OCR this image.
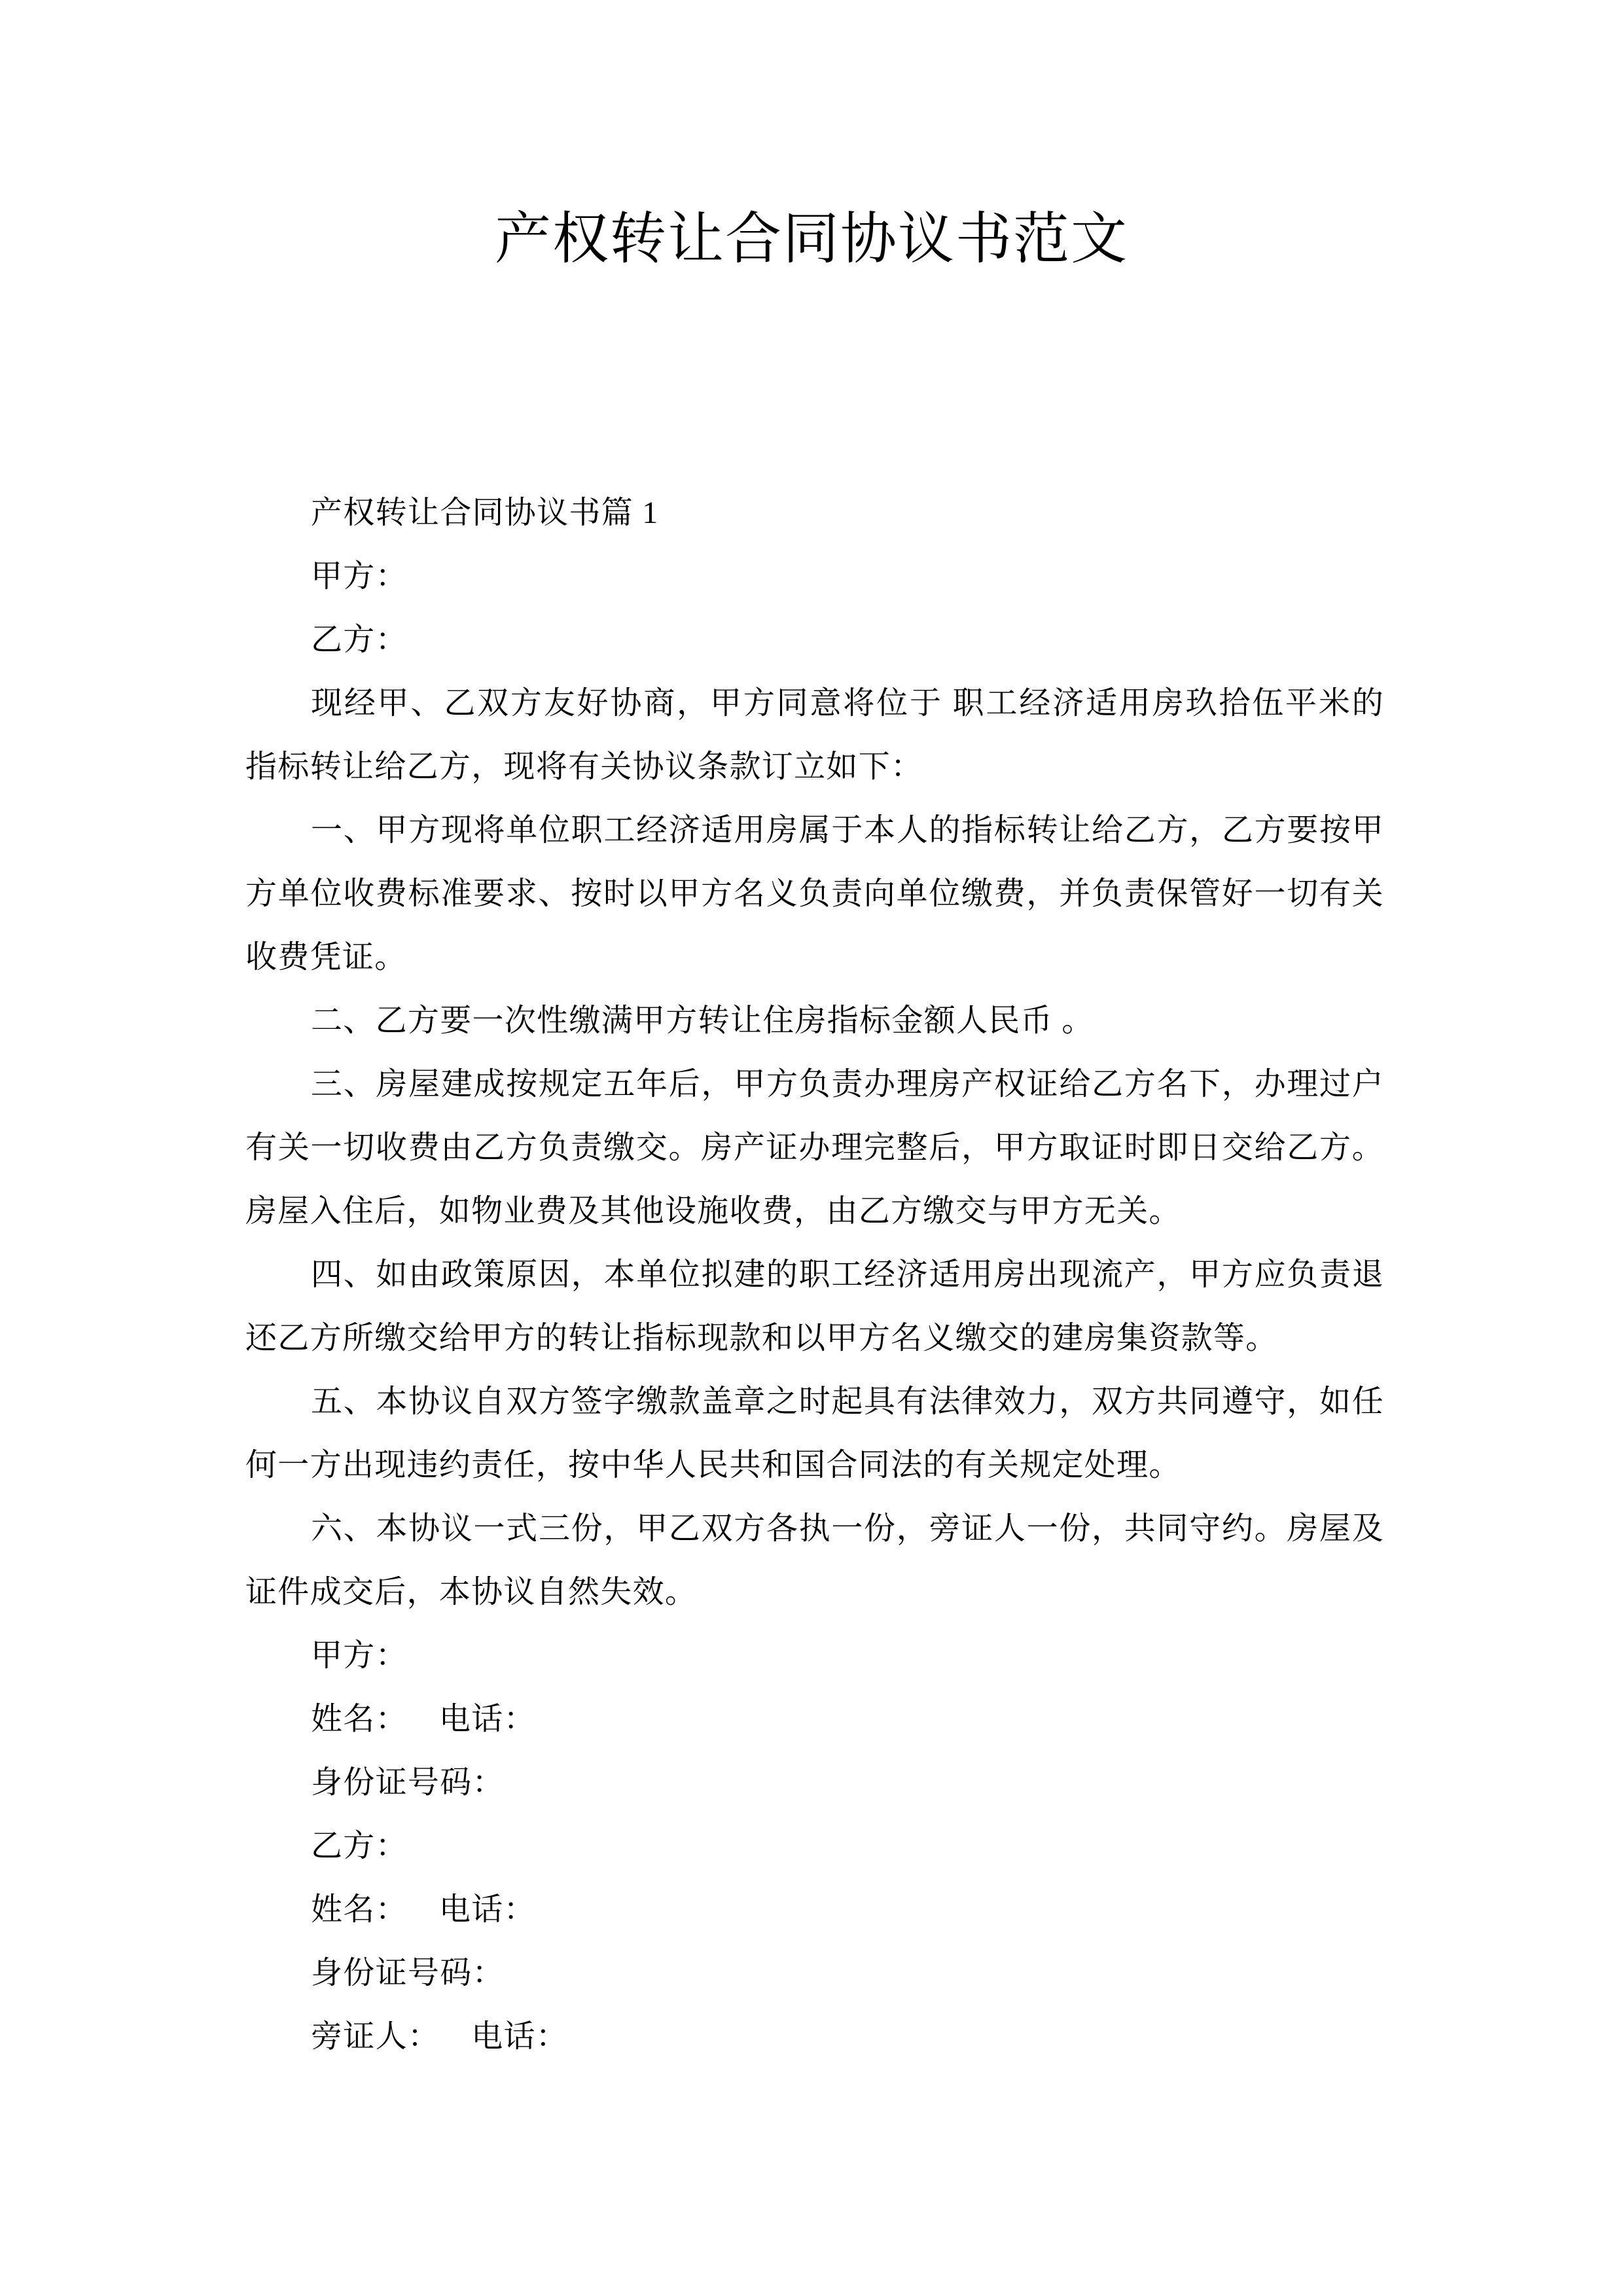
产权转让合同协议书范文

产权转让合同协议书篇 1

甲方：

乙方：

现经甲、乙双方友好协商，甲方同意将位于 职工经济适用房玖拾伍平米的指标转让给乙方，现将有关协议条款订立如下：

一、甲方现将单位职工经济适用房属于本人的指标转让给乙方，乙方要按甲方单位收费标准要求、按时以甲方名义负责向单位缴费，并负责保管好一切有关收费凭证。

二、乙方要一次性缴满甲方转让住房指标金额人民币 。

三、房屋建成按规定五年后，甲方负责办理房产权证给乙方名下，办理过户有关一切收费由乙方负责缴交。房产证办理完整后，甲方取证时即日交给乙方。房屋入住后，如物业费及其他设施收费，由乙方缴交与甲方无关。

四、如由政策原因，本单位拟建的职工经济适用房出现流产，甲方应负责退还乙方所缴交给甲方的转让指标现款和以甲方名义缴交的建房集资款等。

五、本协议自双方签字缴款盖章之时起具有法律效力，双方共同遵守，如任何一方出现违约责任，按中华人民共和国合同法的有关规定处理。

六、本协议一式三份，甲乙双方各执一份，旁证人一份，共同守约。房屋及证件成交后，本协议自然失效。

甲方：

姓名： 电话：

身份证号码：

乙方：

姓名： 电话：

身份证号码：

旁证人： 电话：
